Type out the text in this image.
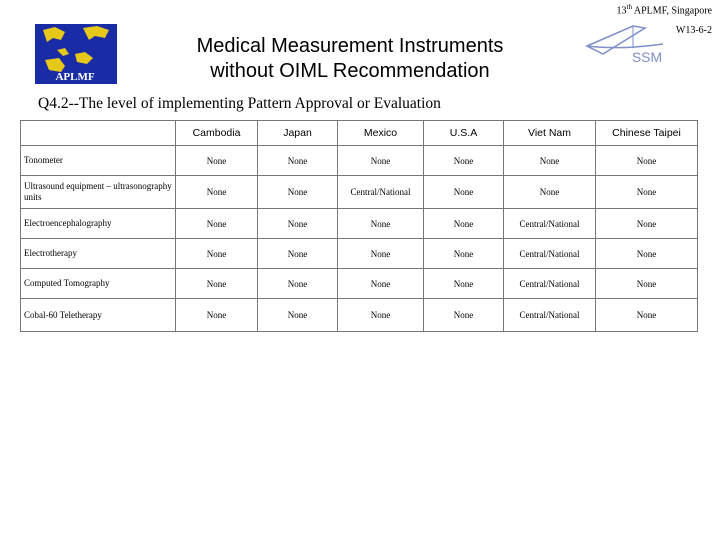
13th APLMF, Singapore
W13-6-2
APLMF
SSM
Medical Measurement Instruments
without OIML Recommendation
Q4.2--The level of implementing Pattern Approval or Evaluation
	Cambodia	Japan	Mexico	U.S.A	Viet Nam	Chinese Taipei
Tonometer	None	None	None	None	None	None
Ultrasound equipment – ultrasonography units	None	None	Central/National	None	None	None
Electroencephalography	None	None	None	None	Central/National	None
Electrotherapy	None	None	None	None	Central/National	None
Computed Tomography	None	None	None	None	Central/National	None
Cobal-60 Teletherapy	None	None	None	None	Central/National	None
